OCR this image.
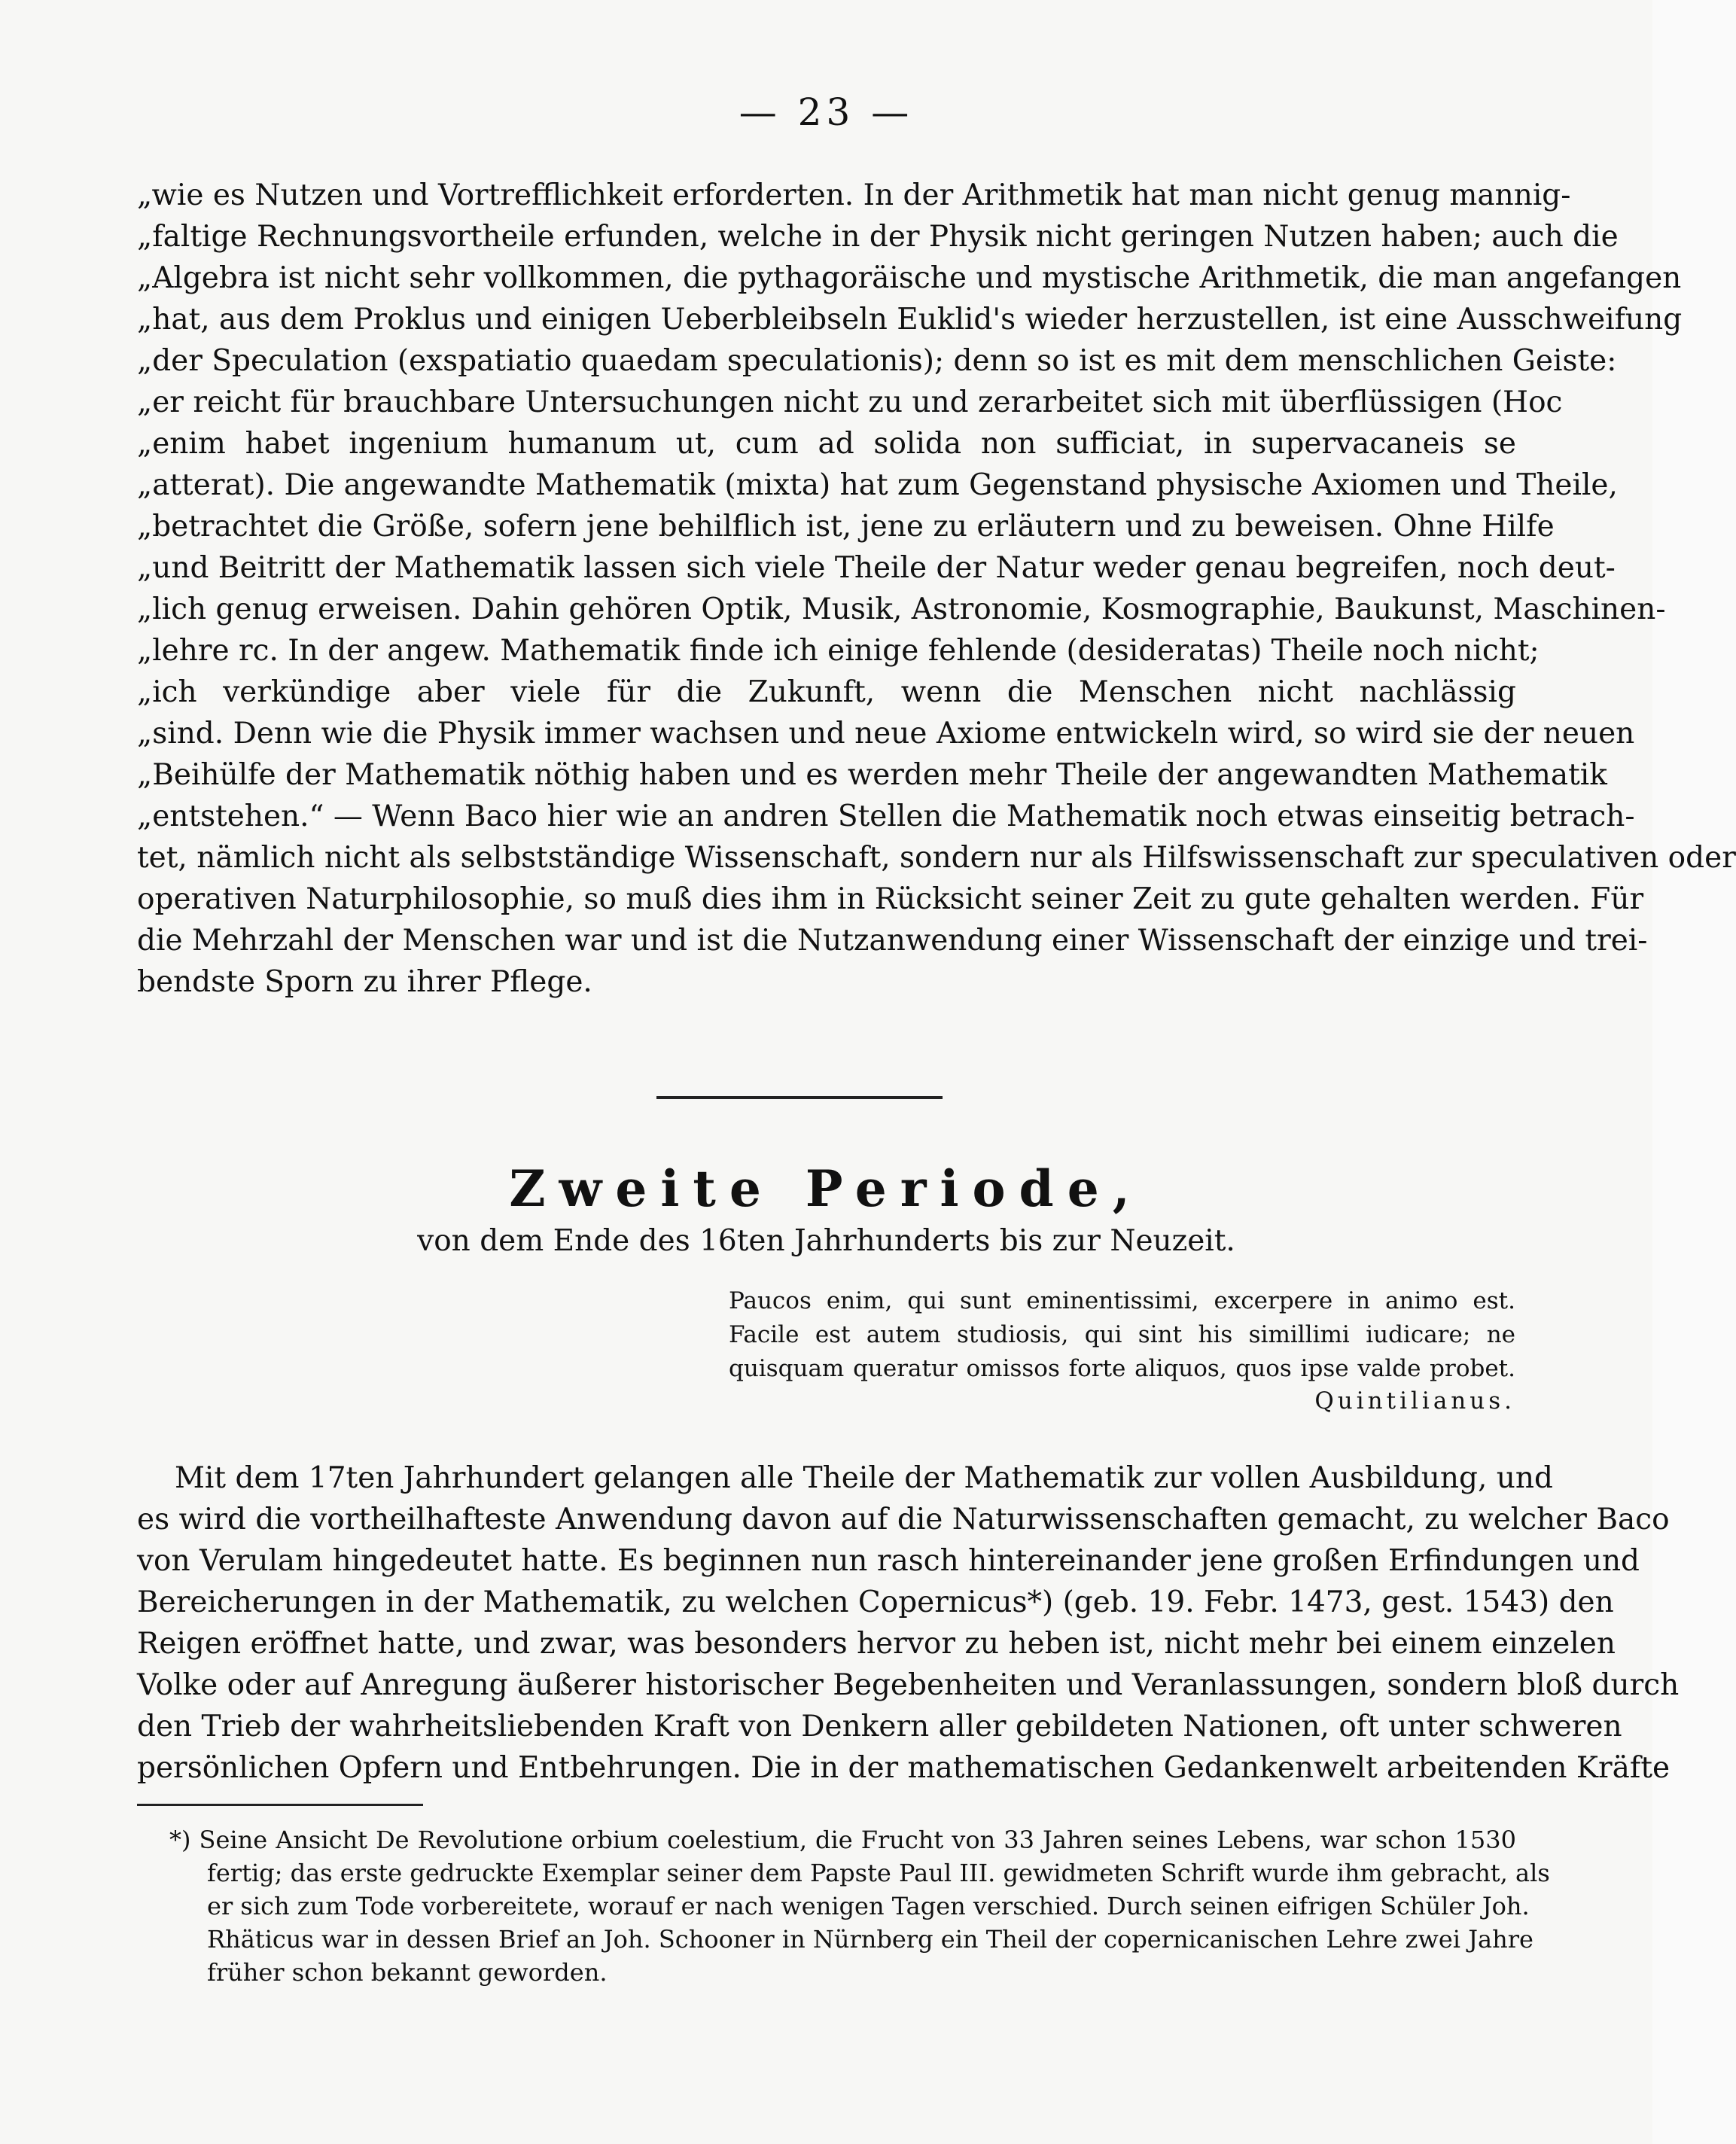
— 23 —
„wie es Nutzen und Vortrefflichkeit erforderten. In der Arithmetik hat man nicht genug mannig-
„faltige Rechnungsvortheile erfunden, welche in der Physik nicht geringen Nutzen haben; auch die
„Algebra ist nicht sehr vollkommen, die pythagoräische und mystische Arithmetik, die man angefangen
„hat, aus dem Proklus und einigen Ueberbleibseln Euklid's wieder herzustellen, ist eine Ausschweifung
„der Speculation (exspatiatio quaedam speculationis); denn so ist es mit dem menschlichen Geiste:
„er reicht für brauchbare Untersuchungen nicht zu und zerarbeitet sich mit überflüssigen (Hoc
„enim habet ingenium humanum ut, cum ad solida non sufficiat, in supervacaneis se
„atterat). Die angewandte Mathematik (mixta) hat zum Gegenstand physische Axiomen und Theile,
„betrachtet die Größe, sofern jene behilflich ist, jene zu erläutern und zu beweisen. Ohne Hilfe
„und Beitritt der Mathematik lassen sich viele Theile der Natur weder genau begreifen, noch deut-
„lich genug erweisen. Dahin gehören Optik, Musik, Astronomie, Kosmographie, Baukunst, Maschinen-
„lehre rc. In der angew. Mathematik finde ich einige fehlende (desideratas) Theile noch nicht;
„ich verkündige aber viele für die Zukunft, wenn die Menschen nicht nachlässig
„sind. Denn wie die Physik immer wachsen und neue Axiome entwickeln wird, so wird sie der neuen
„Beihülfe der Mathematik nöthig haben und es werden mehr Theile der angewandten Mathematik
„entstehen.“ — Wenn Baco hier wie an andren Stellen die Mathematik noch etwas einseitig betrach-
tet, nämlich nicht als selbstständige Wissenschaft, sondern nur als Hilfswissenschaft zur speculativen oder
operativen Naturphilosophie, so muß dies ihm in Rücksicht seiner Zeit zu gute gehalten werden. Für
die Mehrzahl der Menschen war und ist die Nutzanwendung einer Wissenschaft der einzige und trei-
bendste Sporn zu ihrer Pflege.
Zweite Periode,
von dem Ende des 16ten Jahrhunderts bis zur Neuzeit.
Paucos enim, qui sunt eminentissimi, excerpere in animo est.
Facile est autem studiosis, qui sint his simillimi iudicare; ne
quisquam queratur omissos forte aliquos, quos ipse valde probet.
Quintilianus.
Mit dem 17ten Jahrhundert gelangen alle Theile der Mathematik zur vollen Ausbildung, und
es wird die vortheilhafteste Anwendung davon auf die Naturwissenschaften gemacht, zu welcher Baco
von Verulam hingedeutet hatte. Es beginnen nun rasch hintereinander jene großen Erfindungen und
Bereicherungen in der Mathematik, zu welchen Copernicus*) (geb. 19. Febr. 1473, gest. 1543) den
Reigen eröffnet hatte, und zwar, was besonders hervor zu heben ist, nicht mehr bei einem einzelen
Volke oder auf Anregung äußerer historischer Begebenheiten und Veranlassungen, sondern bloß durch
den Trieb der wahrheitsliebenden Kraft von Denkern aller gebildeten Nationen, oft unter schweren
persönlichen Opfern und Entbehrungen. Die in der mathematischen Gedankenwelt arbeitenden Kräfte
*) Seine Ansicht De Revolutione orbium coelestium, die Frucht von 33 Jahren seines Lebens, war schon 1530
fertig; das erste gedruckte Exemplar seiner dem Papste Paul III. gewidmeten Schrift wurde ihm gebracht, als
er sich zum Tode vorbereitete, worauf er nach wenigen Tagen verschied. Durch seinen eifrigen Schüler Joh.
Rhäticus war in dessen Brief an Joh. Schooner in Nürnberg ein Theil der copernicanischen Lehre zwei Jahre
früher schon bekannt geworden.
